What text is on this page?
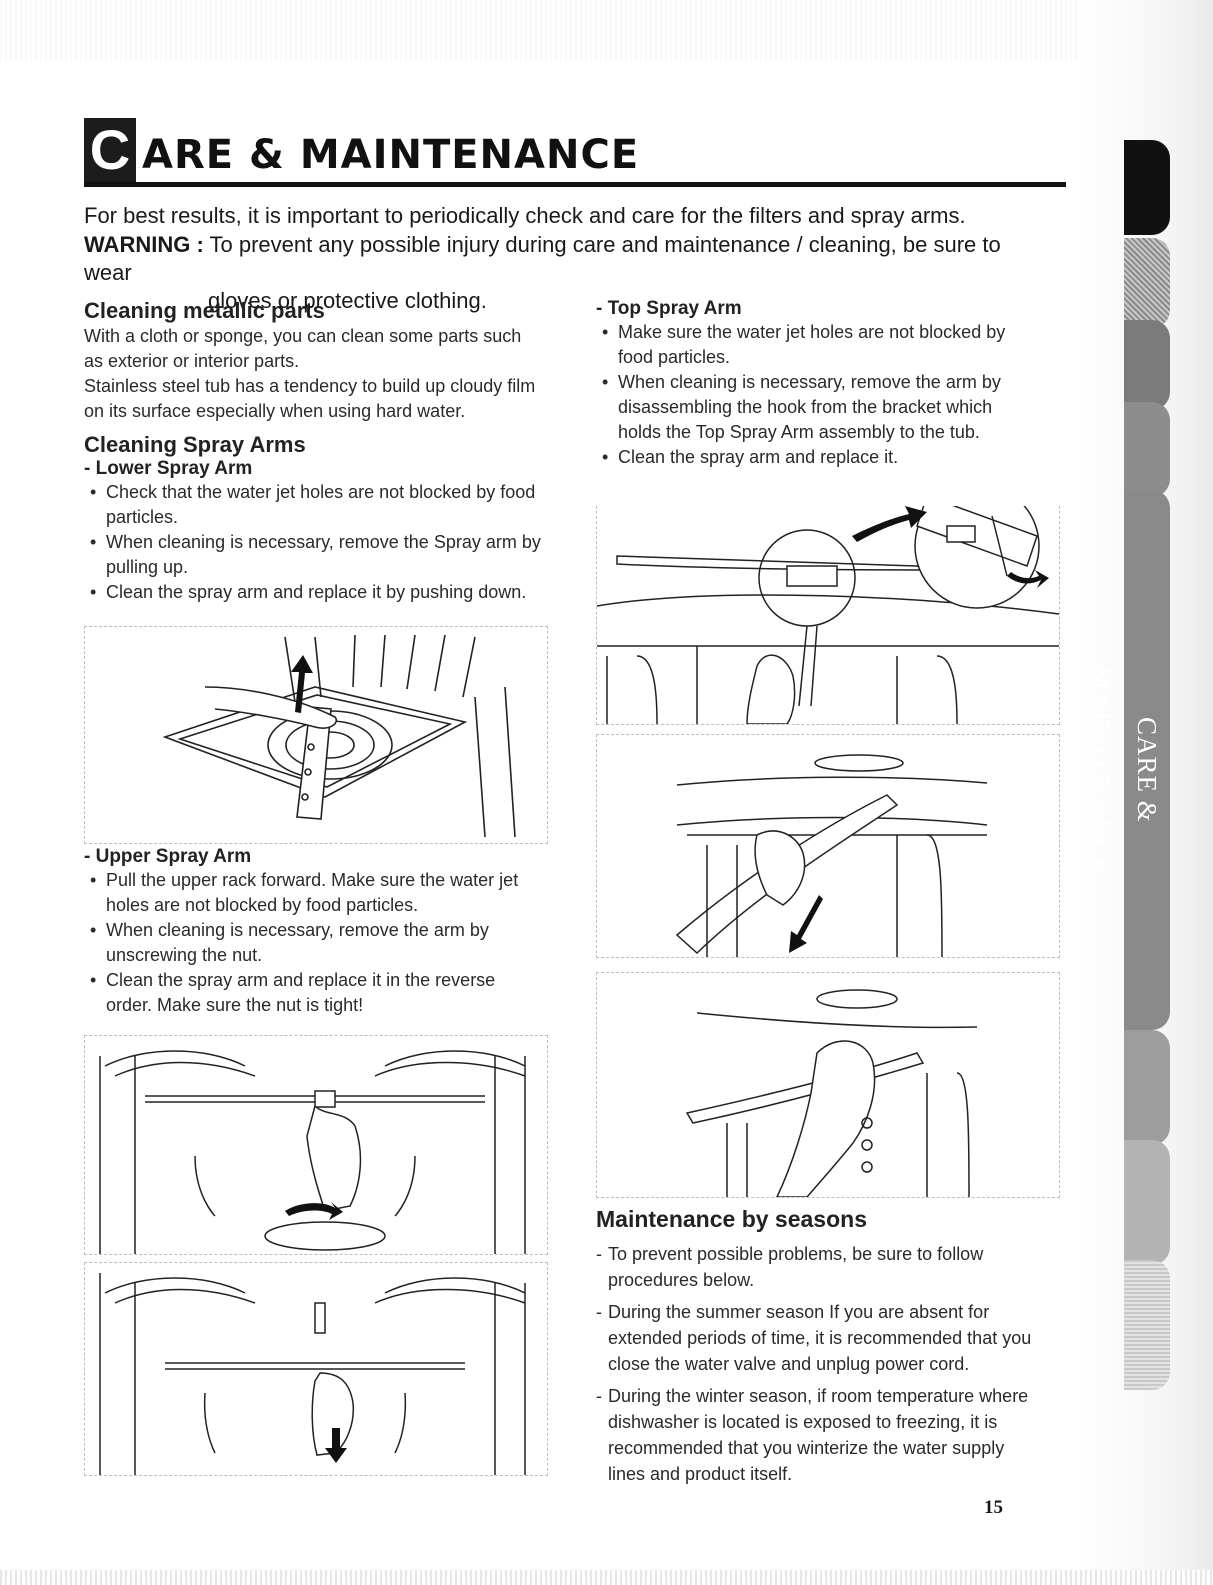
C ARE & MAINTENANCE
For best results, it is important to periodically check and care for the filters and spray arms.
WARNING : To prevent any possible injury during care and maintenance / cleaning, be sure to wear
gloves or protective clothing.
Cleaning metallic parts

With a cloth or sponge, you can clean some parts such as exterior or interior parts.

Stainless steel tub has a tendency to build up cloudy film on its surface especially when using hard water.

Cleaning Spray Arms
- Lower Spray Arm
• Check that the water jet holes are not blocked by food particles.
• When cleaning is necessary, remove the Spray arm by pulling up.
• Clean the spray arm and replace it by pushing down.
- Upper Spray Arm
• Pull the upper rack forward. Make sure the water jet holes are not blocked by food particles.
• When cleaning is necessary, remove the arm by unscrewing the nut.
• Clean the spray arm and replace it in the reverse order. Make sure the nut is tight!
- Top Spray Arm
• Make sure the water jet holes are not blocked by food particles.
• When cleaning is necessary, remove the arm by disassembling the hook from the bracket which holds the Top Spray Arm assembly to the tub.
• Clean the spray arm and replace it.
Maintenance by seasons
- To prevent possible problems, be sure to follow procedures below.
- During the summer season If you are absent for extended periods of time, it is recommended that you close the water valve and unplug power cord.
- During the winter season, if room temperature where dishwasher is located is exposed to freezing, it is recommended that you winterize the water supply lines and product itself.
CARE & MAINTENANCE
15
